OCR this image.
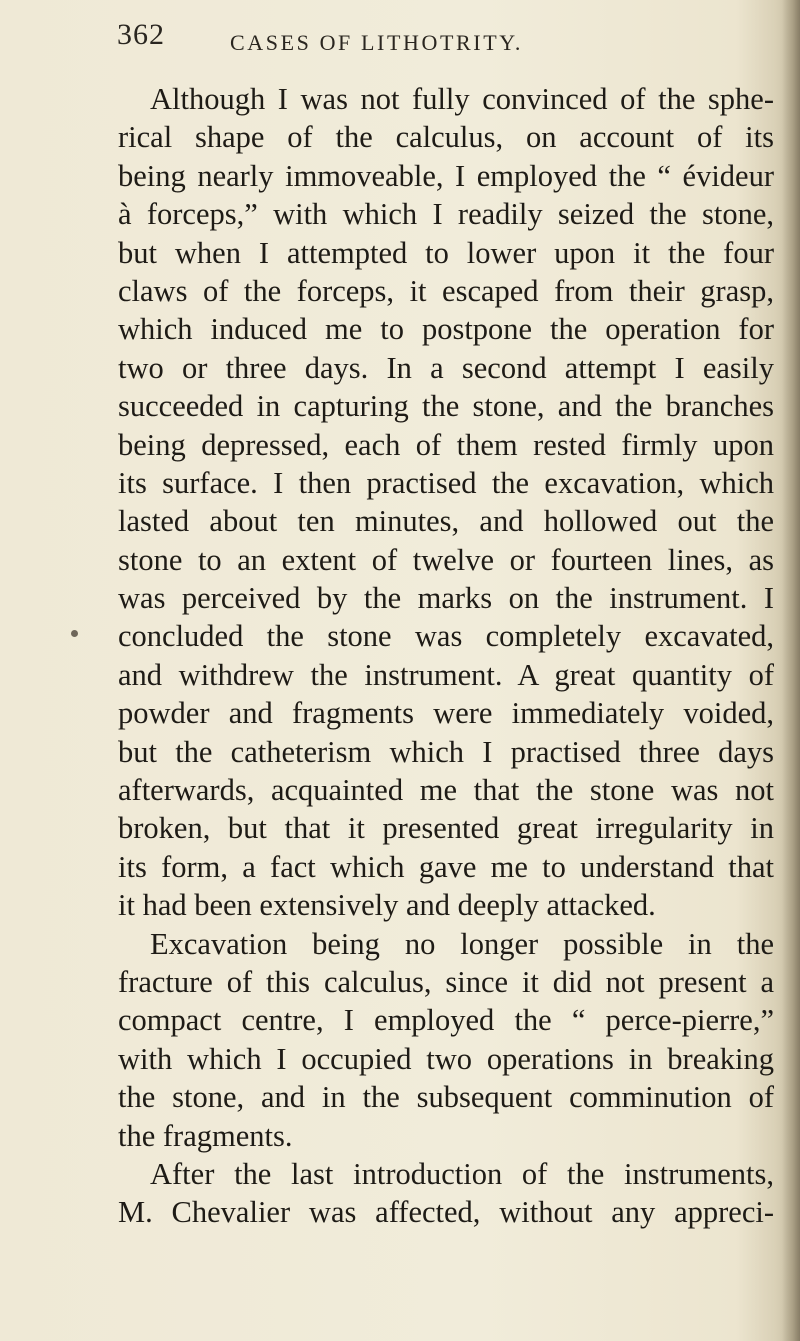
362	CASES OF LITHOTRITY.
Although I was not fully convinced of the sphe-
rical shape of the calculus, on account of its
being nearly immoveable, I employed the “ évideur
à forceps,” with which I readily seized the stone,
but when I attempted to lower upon it the four
claws of the forceps, it escaped from their grasp,
which induced me to postpone the operation for
two or three days. In a second attempt I easily
succeeded in capturing the stone, and the branches
being depressed, each of them rested firmly upon
its surface. I then practised the excavation, which
lasted about ten minutes, and hollowed out the
stone to an extent of twelve or fourteen lines, as
was perceived by the marks on the instrument. I
concluded the stone was completely excavated,
and withdrew the instrument. A great quantity of
powder and fragments were immediately voided,
but the catheterism which I practised three days
afterwards, acquainted me that the stone was not
broken, but that it presented great irregularity in
its form, a fact which gave me to understand that
it had been extensively and deeply attacked.
Excavation being no longer possible in the
fracture of this calculus, since it did not present a
compact centre, I employed the “ perce-pierre,”
with which I occupied two operations in breaking
the stone, and in the subsequent comminution of
the fragments.
After the last introduction of the instruments,
M. Chevalier was affected, without any appreci-
